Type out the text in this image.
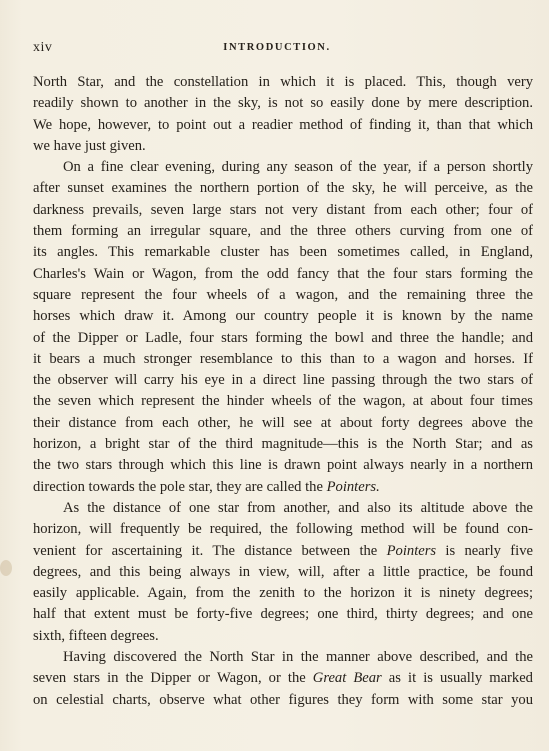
xiv	INTRODUCTION.
North Star, and the constellation in which it is placed. This, though very
readily shown to another in the sky, is not so easily done by mere description.
We hope, however, to point out a readier method of finding it, than that which
we have just given.
On a fine clear evening, during any season of the year, if a person shortly
after sunset examines the northern portion of the sky, he will perceive, as the
darkness prevails, seven large stars not very distant from each other; four of
them forming an irregular square, and the three others curving from one of
its angles. This remarkable cluster has been sometimes called, in England,
Charles's Wain or Wagon, from the odd fancy that the four stars forming the
square represent the four wheels of a wagon, and the remaining three the
horses which draw it. Among our country people it is known by the name
of the Dipper or Ladle, four stars forming the bowl and three the handle; and
it bears a much stronger resemblance to this than to a wagon and horses. If
the observer will carry his eye in a direct line passing through the two stars of
the seven which represent the hinder wheels of the wagon, at about four times
their distance from each other, he will see at about forty degrees above the
horizon, a bright star of the third magnitude—this is the North Star; and as
the two stars through which this line is drawn point always nearly in a northern
direction towards the pole star, they are called the Pointers.
As the distance of one star from another, and also its altitude above the
horizon, will frequently be required, the following method will be found con-
venient for ascertaining it. The distance between the Pointers is nearly five
degrees, and this being always in view, will, after a little practice, be found
easily applicable. Again, from the zenith to the horizon it is ninety degrees;
half that extent must be forty-five degrees; one third, thirty degrees; and one
sixth, fifteen degrees.
Having discovered the North Star in the manner above described, and the
seven stars in the Dipper or Wagon, or the Great Bear as it is usually marked
on celestial charts, observe what other figures they form with some star you
